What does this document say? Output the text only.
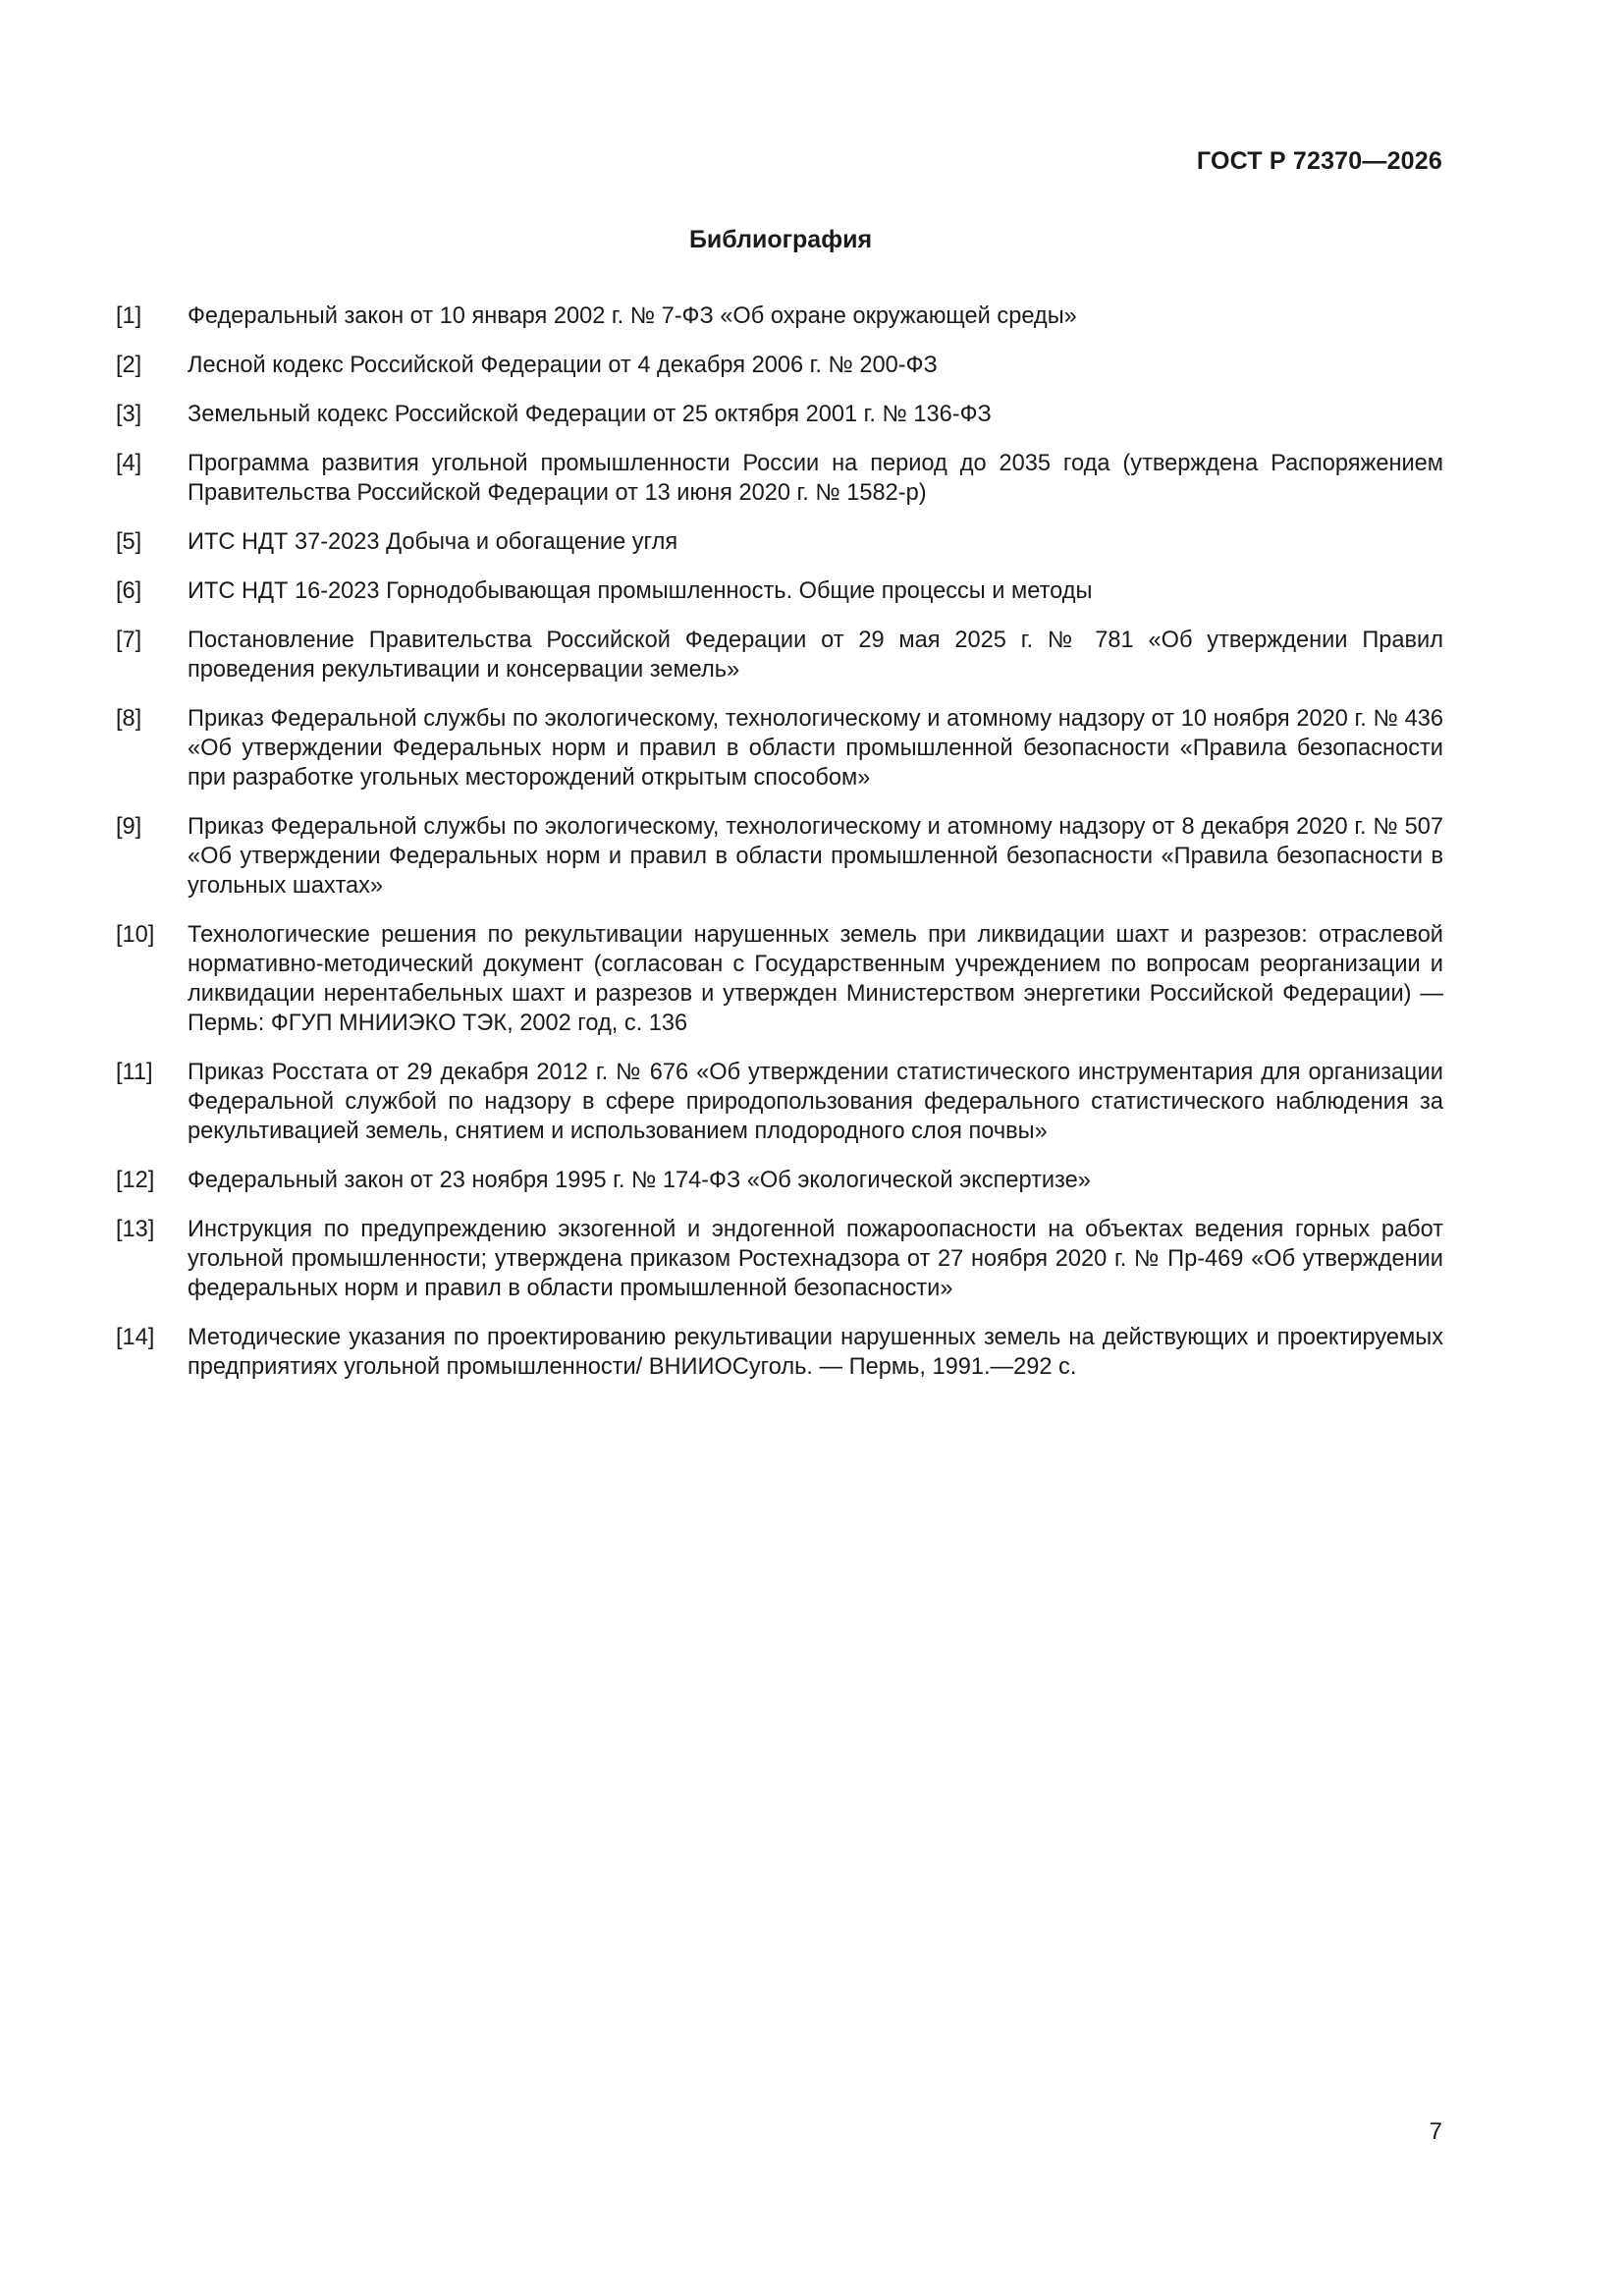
ГОСТ Р 72370—2026
Библиография
[1]	Федеральный закон от 10 января 2002 г. № 7-ФЗ «Об охране окружающей среды»
[2]	Лесной кодекс Российской Федерации от 4 декабря 2006 г. № 200-ФЗ
[3]	Земельный кодекс Российской Федерации от 25 октября 2001 г. № 136-ФЗ
[4]	Программа развития угольной промышленности России на период до 2035 года (утверждена Распоряжением Правительства Российской Федерации от 13 июня 2020 г. № 1582-р)
[5]	ИТС НДТ 37-2023 Добыча и обогащение угля
[6]	ИТС НДТ 16-2023 Горнодобывающая промышленность. Общие процессы и методы
[7]	Постановление Правительства Российской Федерации от 29 мая 2025 г. № 781 «Об утверждении Правил проведения рекультивации и консервации земель»
[8]	Приказ Федеральной службы по экологическому, технологическому и атомному надзору от 10 ноября 2020 г. № 436 «Об утверждении Федеральных норм и правил в области промышленной безопасности «Правила безопасности при разработке угольных месторождений открытым способом»
[9]	Приказ Федеральной службы по экологическому, технологическому и атомному надзору от 8 декабря 2020 г. № 507 «Об утверждении Федеральных норм и правил в области промышленной безопасности «Правила безопасности в угольных шахтах»
[10]	Технологические решения по рекультивации нарушенных земель при ликвидации шахт и разрезов: отраслевой нормативно-методический документ (согласован с Государственным учреждением по вопросам реорганизации и ликвидации нерентабельных шахт и разрезов и утвержден Министерством энергетики Российской Федерации) — Пермь: ФГУП МНИИЭКО ТЭК, 2002 год, с. 136
[11]	Приказ Росстата от 29 декабря 2012 г. № 676 «Об утверждении статистического инструментария для организации Федеральной службой по надзору в сфере природопользования федерального статистического наблюдения за рекультивацией земель, снятием и использованием плодородного слоя почвы»
[12]	Федеральный закон от 23 ноября 1995 г. № 174-ФЗ «Об экологической экспертизе»
[13]	Инструкция по предупреждению экзогенной и эндогенной пожароопасности на объектах ведения горных работ угольной промышленности; утверждена приказом Ростехнадзора от 27 ноября 2020 г. № Пр-469 «Об утверждении федеральных норм и правил в области промышленной безопасности»
[14]	Методические указания по проектированию рекультивации нарушенных земель на действующих и проектируемых предприятиях угольной промышленности/ ВНИИОСуголь. — Пермь, 1991.—292 с.
7
